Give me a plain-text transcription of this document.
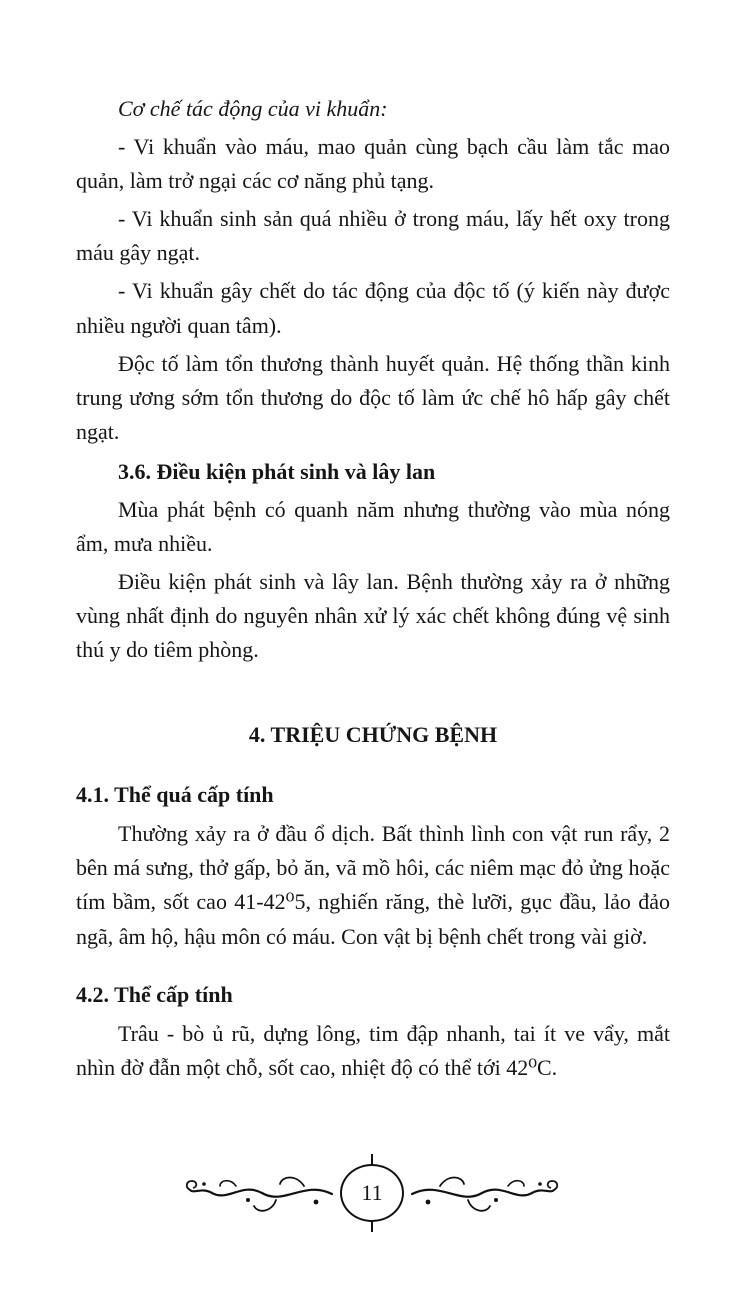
Cơ chế tác động của vi khuẩn:

- Vi khuẩn vào máu, mao quản cùng bạch cầu làm tắc mao quản, làm trở ngại các cơ năng phủ tạng.

- Vi khuẩn sinh sản quá nhiều ở trong máu, lấy hết oxy trong máu gây ngạt.

- Vi khuẩn gây chết do tác động của độc tố (ý kiến này được nhiều người quan tâm).

Độc tố làm tổn thương thành huyết quản. Hệ thống thần kinh trung ương sớm tổn thương do độc tố làm ức chế hô hấp gây chết ngạt.

3.6. Điều kiện phát sinh và lây lan

Mùa phát bệnh có quanh năm nhưng thường vào mùa nóng ẩm, mưa nhiều.

Điều kiện phát sinh và lây lan. Bệnh thường xảy ra ở những vùng nhất định do nguyên nhân xử lý xác chết không đúng vệ sinh thú y do tiêm phòng.

4. TRIỆU CHỨNG BỆNH

4.1. Thể quá cấp tính

Thường xảy ra ở đầu ổ dịch. Bất thình lình con vật run rẩy, 2 bên má sưng, thở gấp, bỏ ăn, vã mồ hôi, các niêm mạc đỏ ửng hoặc tím bầm, sốt cao 41-42⁰5, nghiến răng, thè lưỡi, gục đầu, lảo đảo ngã, âm hộ, hậu môn có máu. Con vật bị bệnh chết trong vài giờ.

4.2. Thể cấp tính

Trâu - bò ủ rũ, dựng lông, tim đập nhanh, tai ít ve vẩy, mắt nhìn đờ đẫn một chỗ, sốt cao, nhiệt độ có thể tới 42⁰C.

11
